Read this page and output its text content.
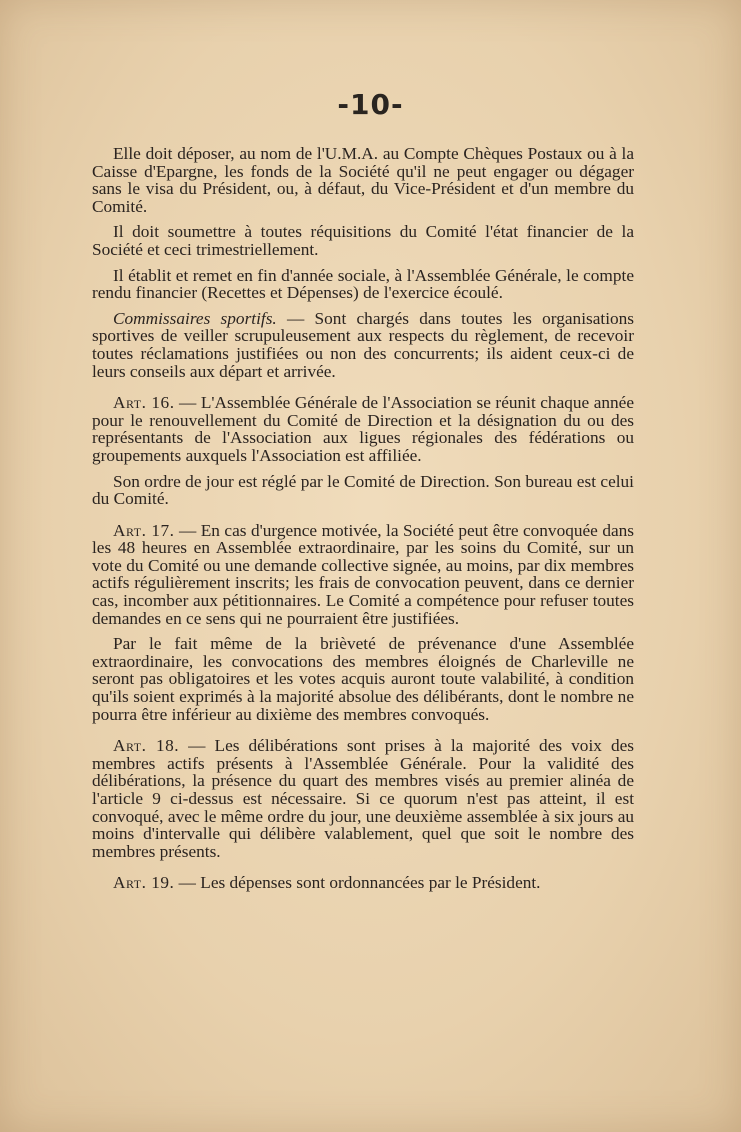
-10-

Elle doit déposer, au nom de l'U.M.A. au Compte Chèques Postaux ou à la Caisse d'Epargne, les fonds de la Société qu'il ne peut engager ou dégager sans le visa du Président, ou, à défaut, du Vice-Président et d'un membre du Comité.

Il doit soumettre à toutes réquisitions du Comité l'état financier de la Société et ceci trimestriellement.

Il établit et remet en fin d'année sociale, à l'Assemblée Générale, le compte rendu financier (Recettes et Dépenses) de l'exercice écoulé.

Commissaires sportifs. — Sont chargés dans toutes les organisations sportives de veiller scrupuleusement aux respects du règlement, de recevoir toutes réclamations justifiées ou non des concurrents; ils aident ceux-ci de leurs conseils aux départ et arrivée.

Art. 16. — L'Assemblée Générale de l'Association se réunit chaque année pour le renouvellement du Comité de Direction et la désignation du ou des représentants de l'Association aux ligues régionales des fédérations ou groupements auxquels l'Association est affiliée.

Son ordre de jour est réglé par le Comité de Direction. Son bureau est celui du Comité.

Art. 17. — En cas d'urgence motivée, la Société peut être convoquée dans les 48 heures en Assemblée extraordinaire, par les soins du Comité, sur un vote du Comité ou une demande collective signée, au moins, par dix membres actifs régulièrement inscrits; les frais de convocation peuvent, dans ce dernier cas, incomber aux pétitionnaires. Le Comité a compétence pour refuser toutes demandes en ce sens qui ne pourraient être justifiées.

Par le fait même de la brièveté de prévenance d'une Assemblée extraordinaire, les convocations des membres éloignés de Charleville ne seront pas obligatoires et les votes acquis auront toute valabilité, à condition qu'ils soient exprimés à la majorité absolue des délibérants, dont le nombre ne pourra être inférieur au dixième des membres convoqués.

Art. 18. — Les délibérations sont prises à la majorité des voix des membres actifs présents à l'Assemblée Générale. Pour la validité des délibérations, la présence du quart des membres visés au premier alinéa de l'article 9 ci-dessus est nécessaire. Si ce quorum n'est pas atteint, il est convoqué, avec le même ordre du jour, une deuxième assemblée à six jours au moins d'intervalle qui délibère valablement, quel que soit le nombre des membres présents.

Art. 19. — Les dépenses sont ordonnancées par le Président.
